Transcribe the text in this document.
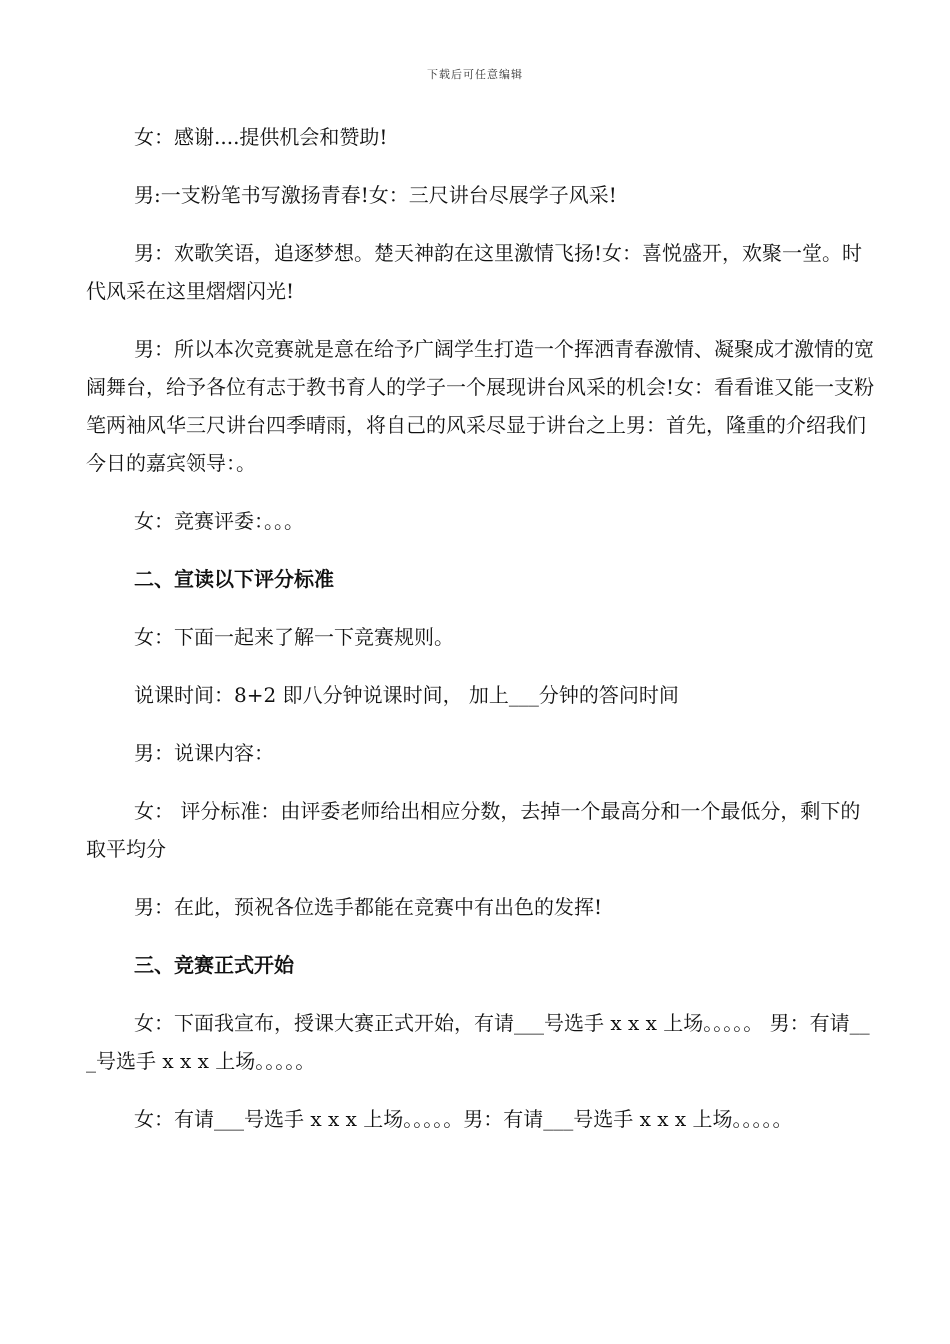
下载后可任意编辑

女：感谢....提供机会和赞助!

男:一支粉笔书写激扬青春!女：三尺讲台尽展学子风采!

男：欢歌笑语，追逐梦想。楚天神韵在这里激情飞扬!女：喜悦盛开，欢聚一堂。时代风采在这里熠熠闪光!

男：所以本次竞赛就是意在给予广阔学生打造一个挥洒青春激情、凝聚成才激情的宽阔舞台，给予各位有志于教书育人的学子一个展现讲台风采的机会!女：看看谁又能一支粉笔两袖风华三尺讲台四季晴雨，将自己的风采尽显于讲台之上男：首先，隆重的介绍我们今日的嘉宾领导：。

女：竞赛评委：。。。

二、宣读以下评分标准

女：下面一起来了解一下竞赛规则。

说课时间：8+2 即八分钟说课时间， 加上___分钟的答问时间

男：说课内容：

女： 评分标准：由评委老师给出相应分数，去掉一个最高分和一个最低分，剩下的取平均分

男：在此，预祝各位选手都能在竞赛中有出色的发挥!

三、竞赛正式开始

女：下面我宣布，授课大赛正式开始，有请___号选手 x x x 上场。。。。。 男：有请___号选手 x x x 上场。。。。。

女：有请___号选手 x x x 上场。。。。。男：有请___号选手 x x x 上场。。。。。
